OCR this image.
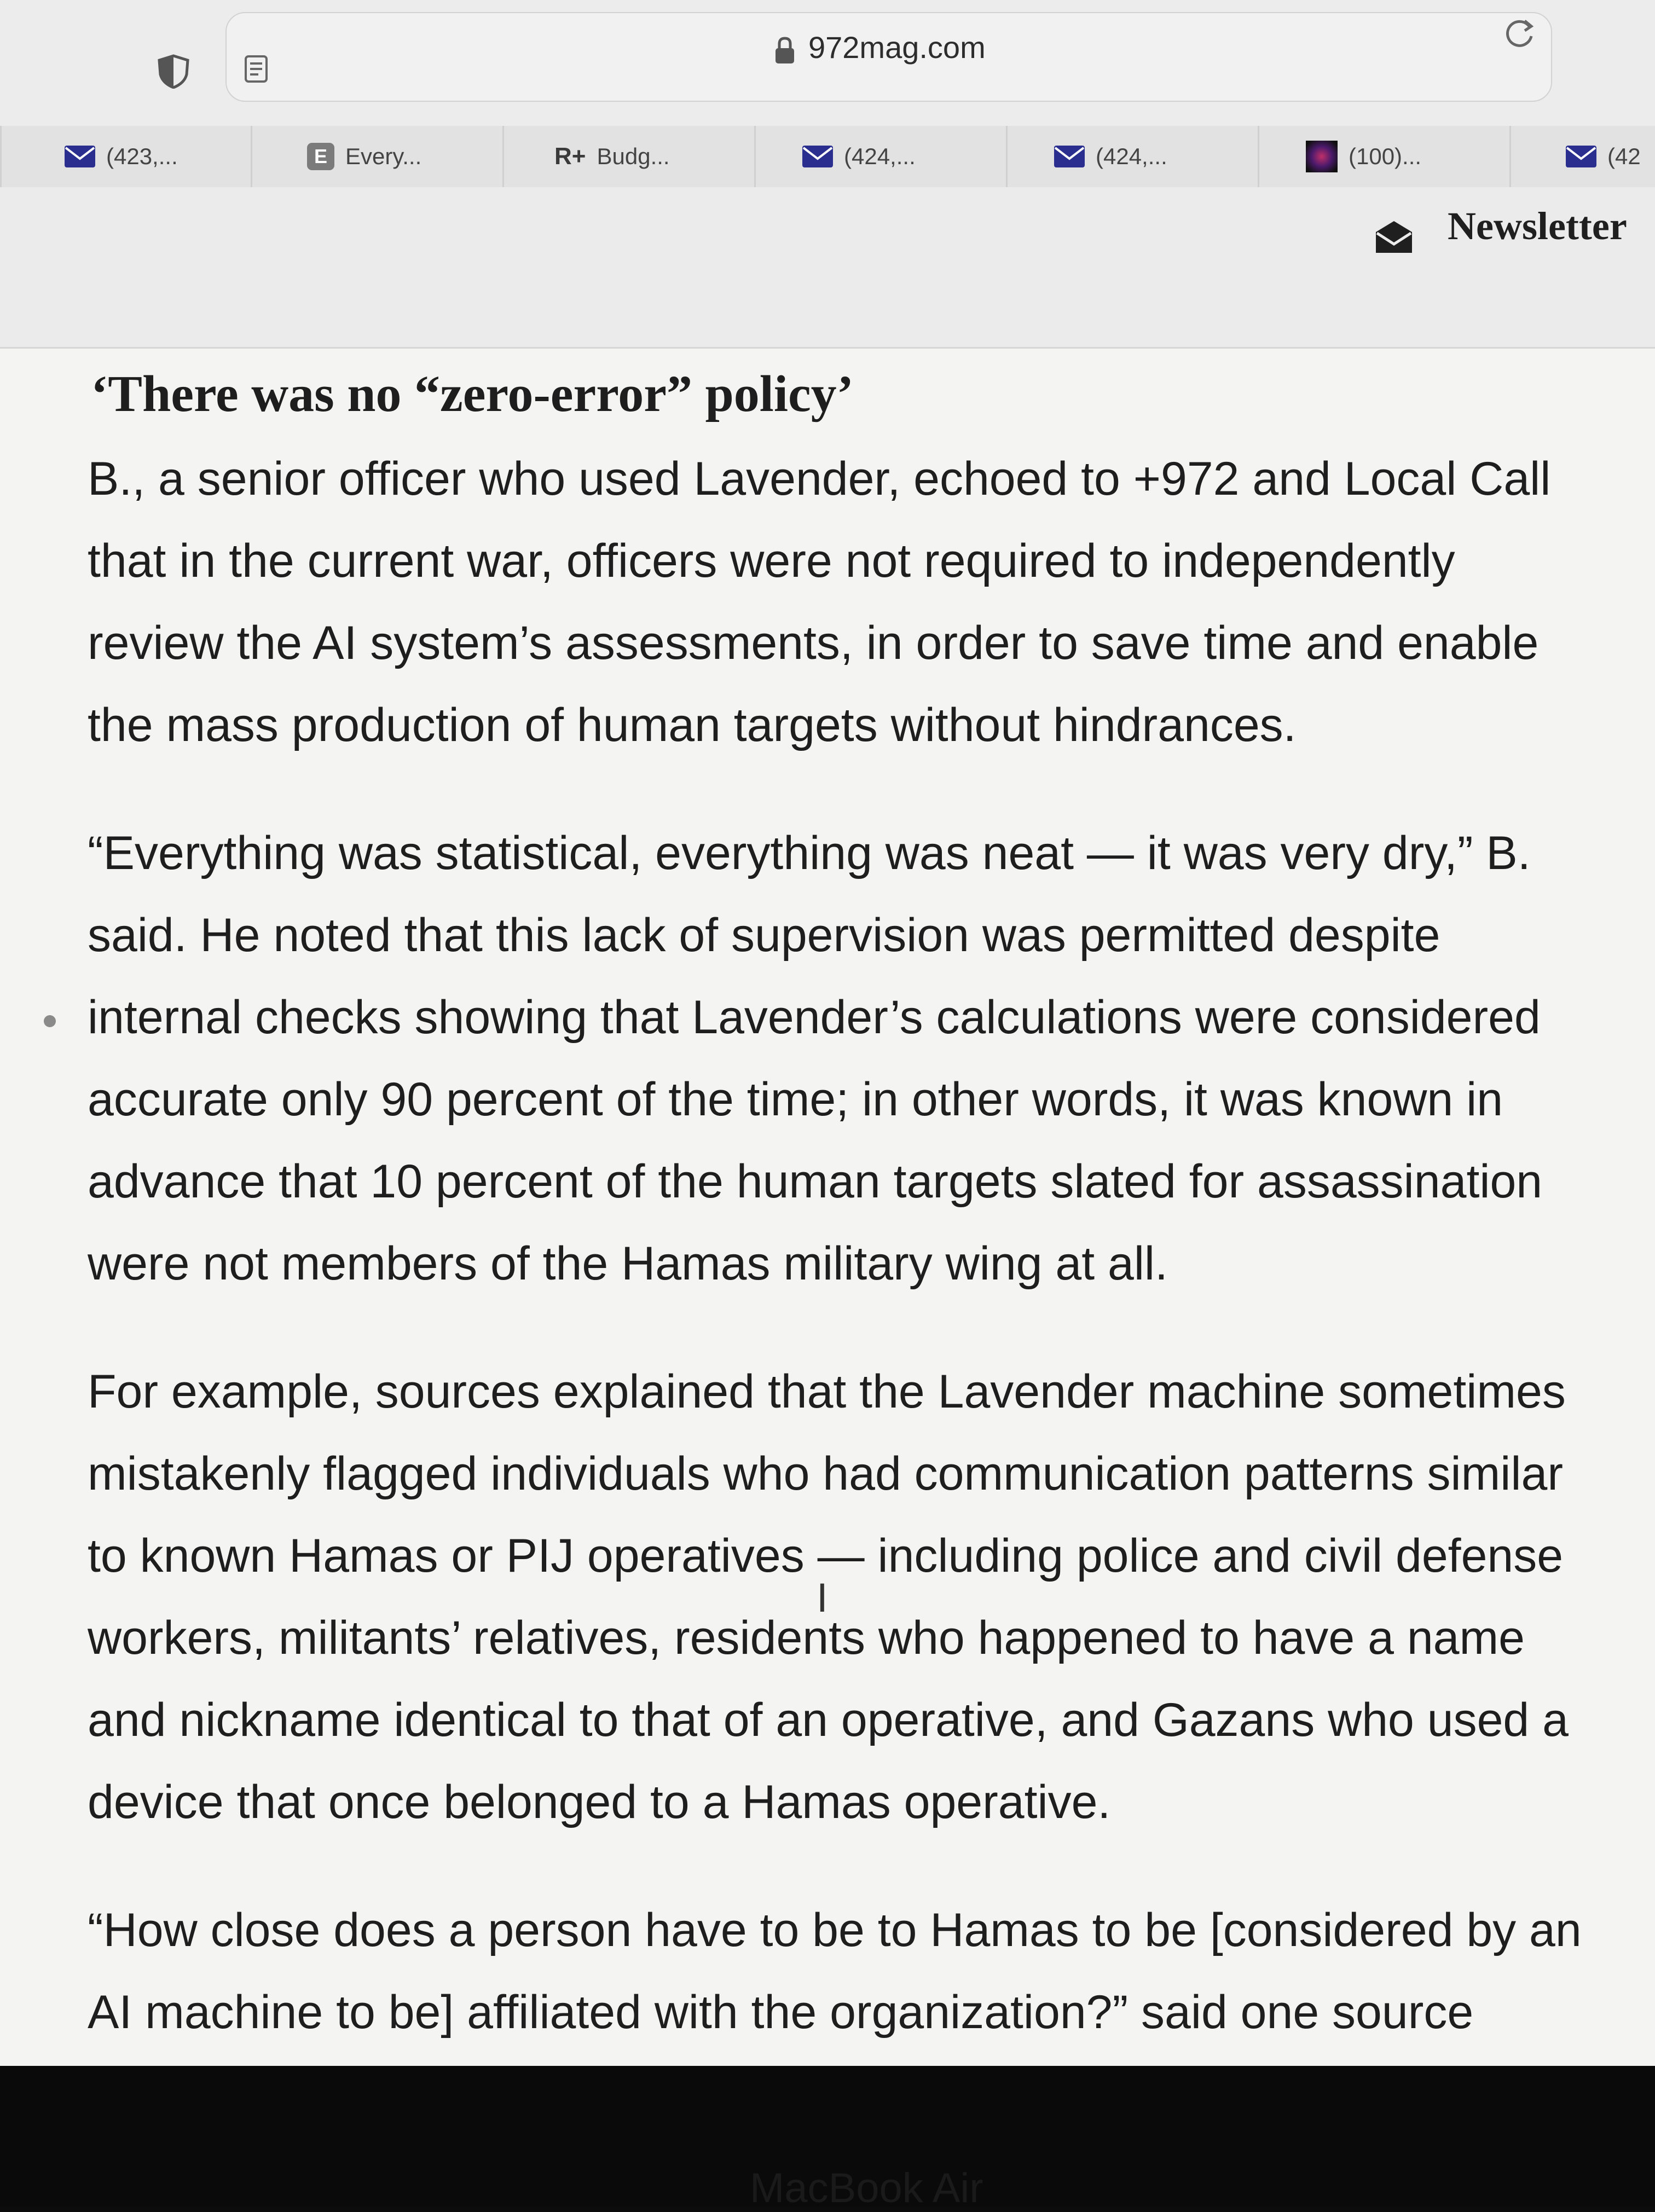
972mag.com
(423,...	E Every...	R+ Budg...	(424,...	(424,...	(100)...	(42
Newsletter
‘There was no “zero-error” policy’

B., a senior officer who used Lavender, echoed to +972 and Local Call
that in the current war, officers were not required to independently
review the AI system’s assessments, in order to save time and enable
the mass production of human targets without hindrances.

“Everything was statistical, everything was neat — it was very dry,” B.
said. He noted that this lack of supervision was permitted despite
internal checks showing that Lavender’s calculations were considered
accurate only 90 percent of the time; in other words, it was known in
advance that 10 percent of the human targets slated for assassination
were not members of the Hamas military wing at all.

For example, sources explained that the Lavender machine sometimes
mistakenly flagged individuals who had communication patterns similar
to known Hamas or PIJ operatives — including police and civil defense
workers, militants’ relatives, residents who happened to have a name
and nickname identical to that of an operative, and Gazans who used a
device that once belonged to a Hamas operative.

“How close does a person have to be to Hamas to be [considered by an
AI machine to be] affiliated with the organization?” said one source

I
MacBook Air
